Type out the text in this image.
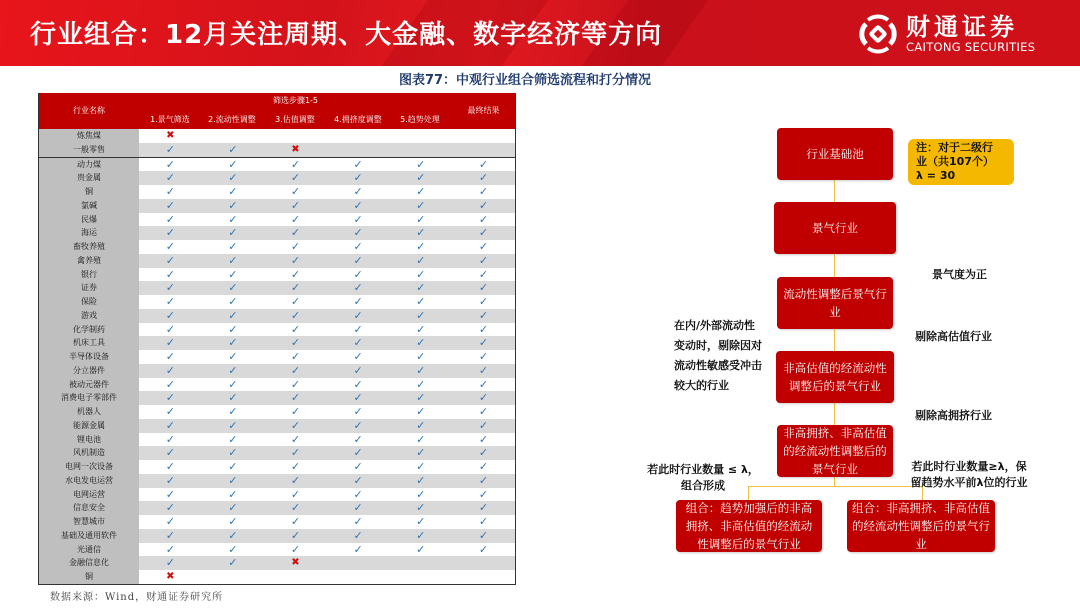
行业组合：12月关注周期、大金融、数字经济等方向	财通证券
CAITONG SECURITIES
图表77：中观行业组合筛选流程和打分情况
行业名称
筛选步骤1-5
1.景气筛选	2.流动性调整	3.估值调整	4.拥挤度调整	5.趋势处理
最终结果
炼焦煤	✖
一般零售	✓	✓	✖
动力煤	✓	✓	✓	✓	✓	✓
贵金属	✓	✓	✓	✓	✓	✓
铜	✓	✓	✓	✓	✓	✓
氯碱	✓	✓	✓	✓	✓	✓
民爆	✓	✓	✓	✓	✓	✓
海运	✓	✓	✓	✓	✓	✓
畜牧养殖	✓	✓	✓	✓	✓	✓
禽养殖	✓	✓	✓	✓	✓	✓
银行	✓	✓	✓	✓	✓	✓
证券	✓	✓	✓	✓	✓	✓
保险	✓	✓	✓	✓	✓	✓
游戏	✓	✓	✓	✓	✓	✓
化学制药	✓	✓	✓	✓	✓	✓
机床工具	✓	✓	✓	✓	✓	✓
半导体设备	✓	✓	✓	✓	✓	✓
分立器件	✓	✓	✓	✓	✓	✓
被动元器件	✓	✓	✓	✓	✓	✓
消费电子零部件	✓	✓	✓	✓	✓	✓
机器人	✓	✓	✓	✓	✓	✓
能源金属	✓	✓	✓	✓	✓	✓
锂电池	✓	✓	✓	✓	✓	✓
风机制造	✓	✓	✓	✓	✓	✓
电网一次设备	✓	✓	✓	✓	✓	✓
水电发电运营	✓	✓	✓	✓	✓	✓
电网运营	✓	✓	✓	✓	✓	✓
信息安全	✓	✓	✓	✓	✓	✓
智慧城市	✓	✓	✓	✓	✓	✓
基础及通用软件	✓	✓	✓	✓	✓	✓
光通信	✓	✓	✓	✓	✓	✓
金融信息化	✓	✓	✖
铜	✖
数据来源：Wind，财通证券研究所
行业基础池	注：对于二级行
业（共107个）
λ = 30
景气行业
流动性调整后景气行业
非高估值的经流动性调整后的景气行业
非高拥挤、非高估值的经流动性调整后的景气行业
组合：趋势加强后的非高拥挤、非高估值的经流动性调整后的景气行业
组合：非高拥挤、非高估值的经流动性调整后的景气行业
景气度为正
在内/外部流动性变动时，剔除因对流动性敏感受冲击较大的行业
剔除高估值行业
剔除高拥挤行业
若此时行业数量 ≤ λ，组合形成
若此时行业数量≥λ，保留趋势水平前λ位的行业
